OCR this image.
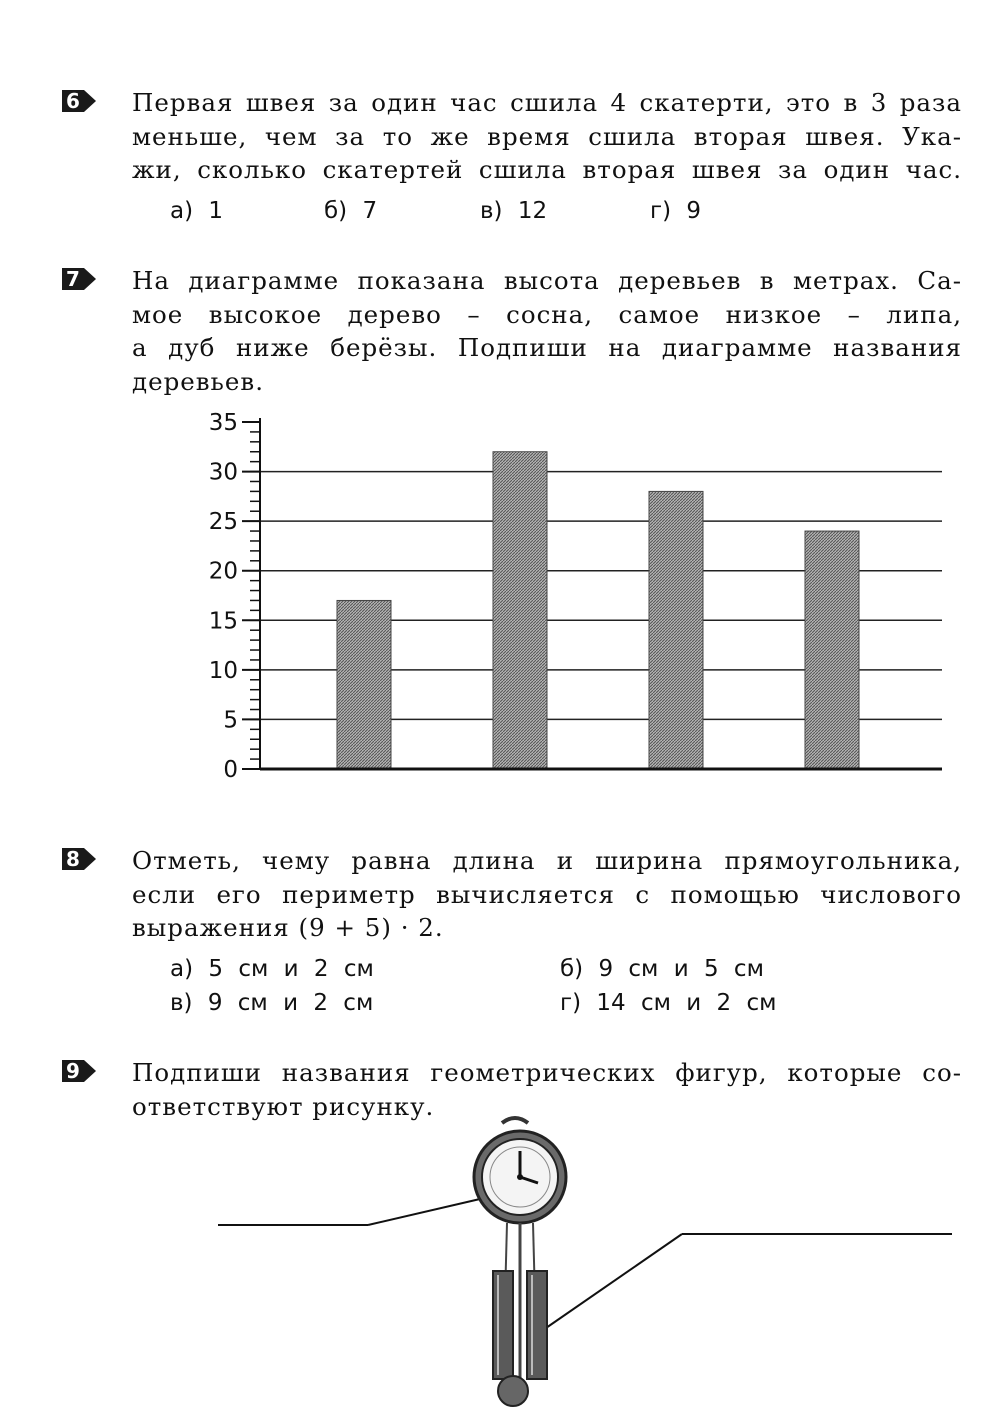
6 Первая швея за один час сшила 4 скатерти, это в 3 раза
меньше, чем за то же время сшила вторая швея. Ука-
жи, сколько скатертей сшила вторая швея за один час.
а) 1	б) 7	в) 12	г) 9
7 На диаграмме показана высота деревьев в метрах. Са-
мое высокое дерево – сосна, самое низкое – липа,
а дуб ниже берёзы. Подпиши на диаграмме названия
деревьев.
0
5
10
15
20
25
30
35
8 Отметь, чему равна длина и ширина прямоугольника,
если его периметр вычисляется с помощью числового
выражения (9 + 5) · 2.
а) 5 см и 2 см	б) 9 см и 5 см
в) 9 см и 2 см	г) 14 см и 2 см
9 Подпиши названия геометрических фигур, которые со-
ответствуют рисунку.
